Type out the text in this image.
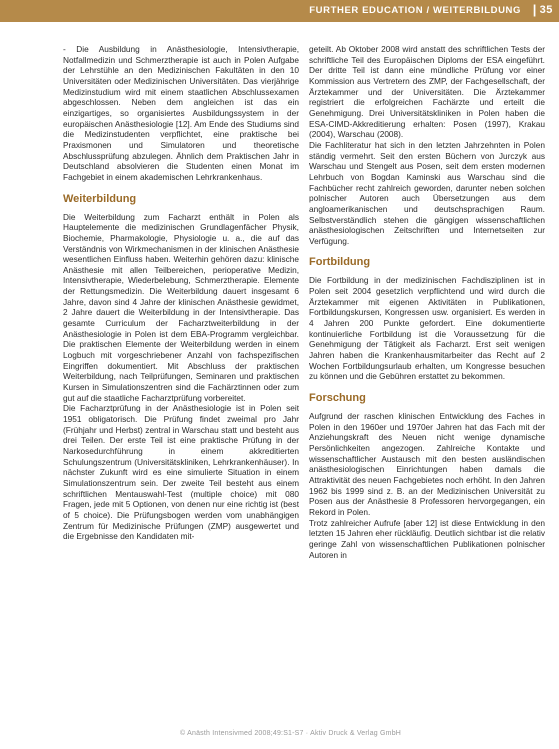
FURTHER EDUCATION / WEITERBILDUNG | 35

- Die Ausbildung in Anästhesiologie, Intensivtherapie, Notfallmedizin und Schmerztherapie ist auch in Polen Aufgabe der Lehrstühle an den Medizinischen Fakultäten in den 10 Universitäten oder Medizinischen Universitäten. Das vierjährige Medizinstudium wird mit einem staatlichen Abschlussexamen abgeschlossen. Neben dem angleichen ist das ein einzigartiges, so organisiertes Ausbildungssystem in der europäischen Anästhesiologie [12]. Am Ende des Studiums sind die Medizinstudenten verpflichtet, eine praktische bei Praxismonen und Simulatoren und theoretische Abschlussprüfung abzulegen. Ähnlich dem Praktischen Jahr in Deutschland absolvieren die Studenten einen Monat im Fachgebiet in einem akademischen Lehrkrankenhaus.

Weiterbildung

Die Weiterbildung zum Facharzt enthält in Polen als Hauptelemente die medizinischen Grundlagenfächer Physik, Biochemie, Pharmakologie, Physiologie u. a., die auf das Verständnis von Wirkmechanismen in der klinischen Anästhesie wesentlichen Einfluss haben. Weiterhin gehören dazu: klinische Anästhesie mit allen Teilbereichen, perioperative Medizin, Intensivtherapie, Wiederbelebung, Schmerztherapie. Elemente der Rettungsmedizin. Die Weiterbildung dauert insgesamt 6 Jahre, davon sind 4 Jahre der klinischen Anästhesie gewidmet, 2 Jahre dauert die Weiterbildung in der Intensivtherapie. Das gesamte Curriculum der Facharztweiterbildung in der Anästhesiologie in Polen ist dem EBA-Programm vergleichbar. Die praktischen Elemente der Weiterbildung werden in einem Logbuch mit vorgeschriebener Anzahl von fachspezifischen Eingriffen dokumentiert. Mit Abschluss der praktischen Weiterbildung, nach Teilprüfungen, Seminaren und praktischen Kursen in Simulationszentren sind die Fachärztinnen oder zum gut auf die staatliche Facharztprüfung vorbereitet.

Die Facharztprüfung in der Anästhesiologie ist in Polen seit 1951 obligatorisch. Die Prüfung findet zweimal pro Jahr (Frühjahr und Herbst) zentral in Warschau statt und besteht aus drei Teilen. Der erste Teil ist eine praktische Prüfung in der Narkosedurchführung in einem akkreditierten Schulungszentrum (Universitätskliniken, Lehrkrankenhäuser). In nächster Zukunft wird es eine simulierte Situation in einem Simulationszentrum sein. Der zweite Teil besteht aus einem schriftlichen Mentauswahl-Test (multiple choice) mit 080 Fragen, jede mit 5 Optionen, von denen nur eine richtig ist (best of 5 choice). Die Prüfungsbogen werden vom unabhängigen Zentrum für Medizinische Prüfungen (ZMP) ausgewertet und die Ergebnisse den Kandidaten mit-

geteilt. Ab Oktober 2008 wird anstatt des schriftlichen Tests der schriftliche Teil des Europäischen Diploms der ESA eingeführt. Der dritte Teil ist dann eine mündliche Prüfung vor einer Kommission aus Vertretern des ZMP, der Fachgesellschaft, der Ärztekammer und der Universitäten. Die Ärztekammer registriert die erfolgreichen Fachärzte und erteilt die Genehmigung. Drei Universitätskliniken in Polen haben die ESA-CIMD-Akkreditierung erhalten: Posen (1997), Krakau (2004), Warschau (2008).

Die Fachliteratur hat sich in den letzten Jahrzehnten in Polen ständig vermehrt. Seit den ersten Büchern von Jurczyk aus Warschau und Stengelt aus Posen, seit dem ersten modernen Lehrbuch von Bogdan Kaminski aus Warschau sind die Fachbücher recht zahlreich geworden, darunter neben solchen polnischer Autoren auch Übersetzungen aus dem angloamerikanischen und deutschsprachigen Raum. Selbstverständlich stehen die gängigen wissenschaftlichen anästhesiologischen Zeitschriften und Internetseiten zur Verfügung.

Fortbildung

Die Fortbildung in der medizinischen Fachdisziplinen ist in Polen seit 2004 gesetzlich verpflichtend und wird durch die Ärztekammer mit eigenen Aktivitäten in Publikationen, Fortbildungskursen, Kongressen usw. organisiert. Es werden in 4 Jahren 200 Punkte gefordert. Eine dokumentierte kontinuierliche Fortbildung ist die Voraussetzung für die Genehmigung der Tätigkeit als Facharzt. Erst seit wenigen Jahren haben die Krankenhausmitarbeiter das Recht auf 2 Wochen Fortbildungsurlaub erhalten, um Kongresse besuchen zu können und die Gebühren erstattet zu bekommen.

Forschung

Aufgrund der raschen klinischen Entwicklung des Faches in Polen in den 1960er und 1970er Jahren hat das Fach mit der Anziehungskraft des Neuen nicht wenige dynamische Persönlichkeiten angezogen. Zahlreiche Kontakte und wissenschaftlicher Austausch mit den besten ausländischen anästhesiologischen Einrichtungen haben damals die Attraktivität des neuen Fachgebietes noch erhöht. In den Jahren 1962 bis 1999 sind z. B. an der Medizinischen Universität zu Posen aus der Anästhesie 8 Professoren hervorgegangen, ein Rekord in Polen.

Trotz zahlreicher Aufrufe [aber 12] ist diese Entwicklung in den letzten 15 Jahren eher rückläufig. Deutlich sichtbar ist die relativ geringe Zahl von wissenschaftlichen Publikationen polnischer Autoren in

© Anästh Intensivmed 2008;49:S1-S7 · Aktiv Druck & Verlag GmbH
